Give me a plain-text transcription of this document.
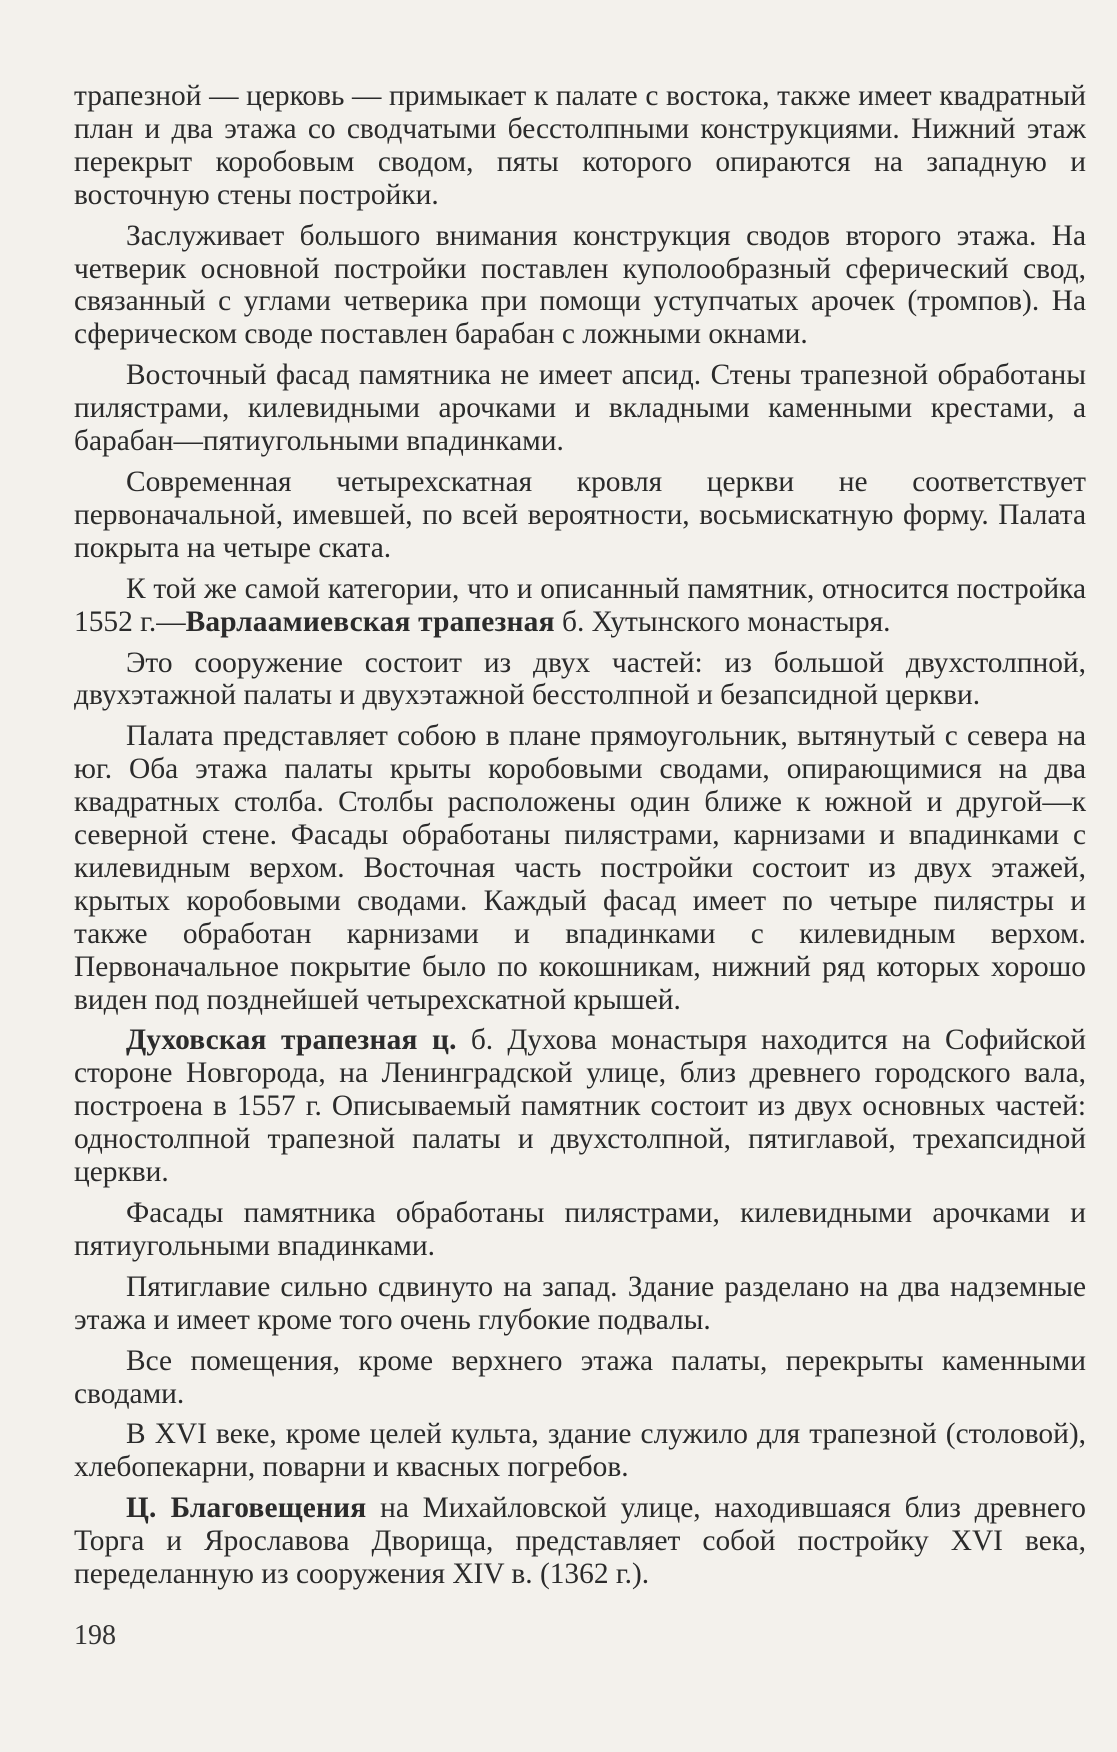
трапезной — церковь — примыкает к палате с востока, также имеет квадратный план и два этажа со сводчатыми бесстолпными конструкциями. Нижний этаж перекрыт коробовым сводом, пяты которого опираются на западную и восточную стены постройки.

Заслуживает большого внимания конструкция сводов второго этажа. На четверик основной постройки поставлен куполообразный сферический свод, связанный с углами четверика при помощи уступчатых арочек (тромпов). На сферическом своде поставлен барабан с ложными окнами.

Восточный фасад памятника не имеет апсид. Стены трапезной обработаны пилястрами, килевидными арочками и вкладными каменными крестами, а барабан—пятиугольными впадинками.

Современная четырехскатная кровля церкви не соответствует первоначальной, имевшей, по всей вероятности, восьмискатную форму. Палата покрыта на четыре ската.

К той же самой категории, что и описанный памятник, относится постройка 1552 г.—Варлаамиевская трапезная б. Хутынского монастыря.

Это сооружение состоит из двух частей: из большой двухстолпной, двухэтажной палаты и двухэтажной бесстолпной и безапсидной церкви.

Палата представляет собою в плане прямоугольник, вытянутый с севера на юг. Оба этажа палаты крыты коробовыми сводами, опирающимися на два квадратных столба. Столбы расположены один ближе к южной и другой—к северной стене. Фасады обработаны пилястрами, карнизами и впадинками с килевидным верхом. Восточная часть постройки состоит из двух этажей, крытых коробовыми сводами. Каждый фасад имеет по четыре пилястры и также обработан карнизами и впадинками с килевидным верхом. Первоначальное покрытие было по кокошникам, нижний ряд которых хорошо виден под позднейшей четырехскатной крышей.

Духовская трапезная ц. б. Духова монастыря находится на Софийской стороне Новгорода, на Ленинградской улице, близ древнего городского вала, построена в 1557 г. Описываемый памятник состоит из двух основных частей: одностолпной трапезной палаты и двухстолпной, пятиглавой, трехапсидной церкви.

Фасады памятника обработаны пилястрами, килевидными арочками и пятиугольными впадинками.

Пятиглавие сильно сдвинуто на запад. Здание разделано на два надземные этажа и имеет кроме того очень глубокие подвалы.

Все помещения, кроме верхнего этажа палаты, перекрыты каменными сводами.

В XVI веке, кроме целей культа, здание служило для трапезной (столовой), хлебопекарни, поварни и квасных погребов.

Ц. Благовещения на Михайловской улице, находившаяся близ древнего Торга и Ярославова Дворища, представляет собой постройку XVI века, переделанную из сооружения XIV в. (1362 г.).

198
